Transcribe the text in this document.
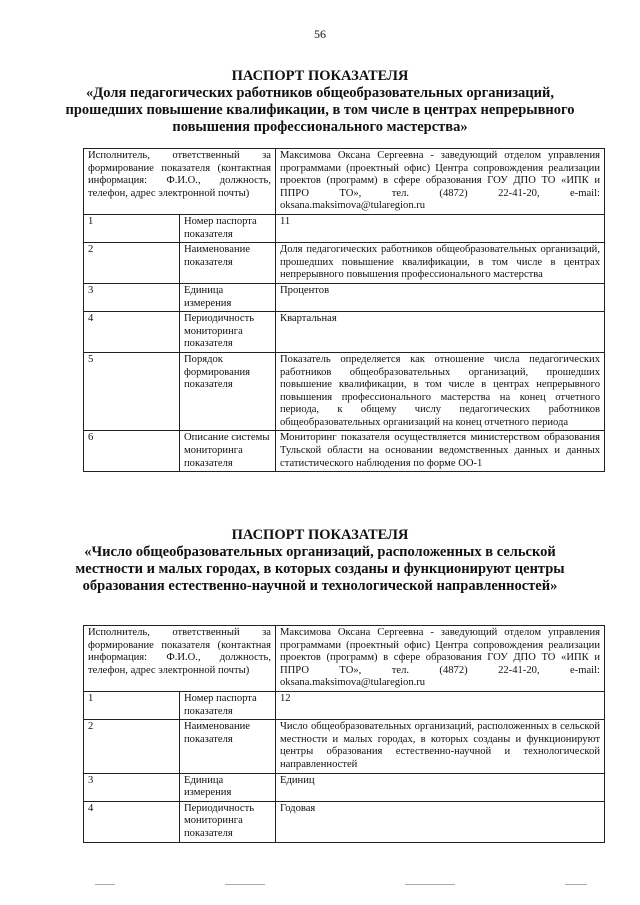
56
ПАСПОРТ ПОКАЗАТЕЛЯ
«Доля педагогических работников общеобразовательных организаций, прошедших повышение квалификации, в том числе в центрах непрерывного повышения профессионального мастерства»
Исполнитель, ответственный за формирование показателя (контактная информация: Ф.И.О., должность, телефон, адрес электронной почты)		Максимова Оксана Сергеевна - заведующий отделом управления программами (проектный офис) Центра сопровождения реализации проектов (программ) в сфере образования ГОУ ДПО ТО «ИПК и ППРО ТО», тел. (4872) 22-41-20, e-mail: oksana.maksimova@tularegion.ru
1	Номер паспорта показателя	11
2	Наименование показателя	Доля педагогических работников общеобразовательных организаций, прошедших повышение квалификации, в том числе в центрах непрерывного повышения профессионального мастерства
3	Единица измерения	Процентов
4	Периодичность мониторинга показателя	Квартальная
5	Порядок формирования показателя	Показатель определяется как отношение числа педагогических работников общеобразовательных организаций, прошедших повышение квалификации, в том числе в центрах непрерывного повышения профессионального мастерства на конец отчетного периода, к общему числу педагогических работников общеобразовательных организаций на конец отчетного периода
6	Описание системы мониторинга показателя	Мониторинг показателя осуществляется министерством образования Тульской области на основании ведомственных данных и данных статистического наблюдения по форме ОО-1
ПАСПОРТ ПОКАЗАТЕЛЯ
«Число общеобразовательных организаций, расположенных в сельской местности и малых городах, в которых созданы и функционируют центры образования естественно-научной и технологической направленностей»
Исполнитель, ответственный за формирование показателя (контактная информация: Ф.И.О., должность, телефон, адрес электронной почты)		Максимова Оксана Сергеевна - заведующий отделом управления программами (проектный офис) Центра сопровождения реализации проектов (программ) в сфере образования ГОУ ДПО ТО «ИПК и ППРО ТО», тел. (4872) 22-41-20, e-mail: oksana.maksimova@tularegion.ru
1	Номер паспорта показателя	12
2	Наименование показателя	Число общеобразовательных организаций, расположенных в сельской местности и малых городах, в которых созданы и функционируют центры образования естественно-научной и технологической направленностей
3	Единица измерения	Единиц
4	Периодичность мониторинга показателя	Годовая
